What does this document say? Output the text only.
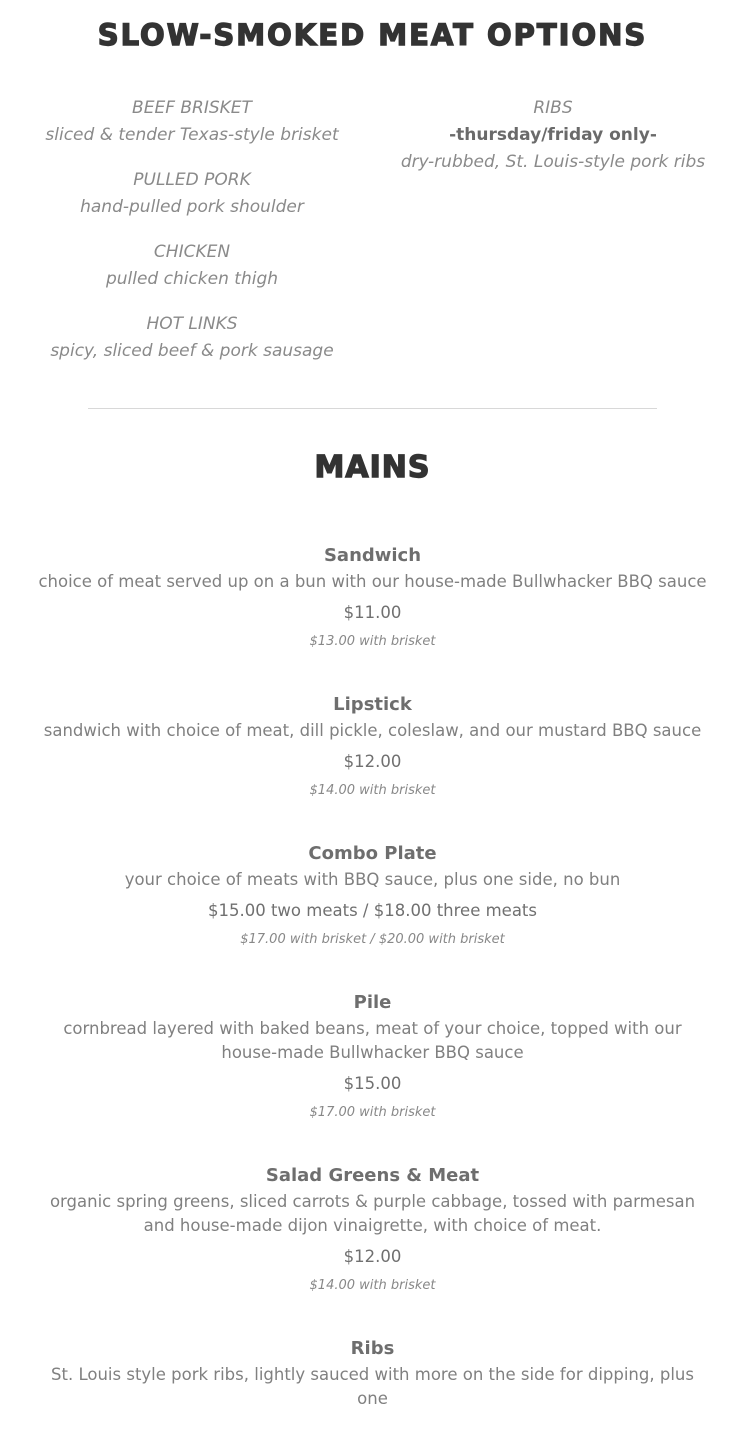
SLOW-SMOKED MEAT OPTIONS
BEEF BRISKET
sliced & tender Texas-style brisket
PULLED PORK
hand-pulled pork shoulder
CHICKEN
pulled chicken thigh
HOT LINKS
spicy, sliced beef & pork sausage
RIBS
-thursday/friday only-
dry-rubbed, St. Louis-style pork ribs
MAINS
Sandwich
choice of meat served up on a bun with our house-made Bullwhacker BBQ sauce
$11.00
$13.00 with brisket
Lipstick
sandwich with choice of meat, dill pickle, coleslaw, and our mustard BBQ sauce
$12.00
$14.00 with brisket
Combo Plate
your choice of meats with BBQ sauce, plus one side, no bun
$15.00 two meats / $18.00 three meats
$17.00 with brisket / $20.00 with brisket
Pile
cornbread layered with baked beans, meat of your choice, topped with our house-made Bullwhacker BBQ sauce
$15.00
$17.00 with brisket
Salad Greens & Meat
organic spring greens, sliced carrots & purple cabbage, tossed with parmesan and house-made dijon vinaigrette, with choice of meat.
$12.00
$14.00 with brisket
Ribs
St. Louis style pork ribs, lightly sauced with more on the side for dipping, plus one
